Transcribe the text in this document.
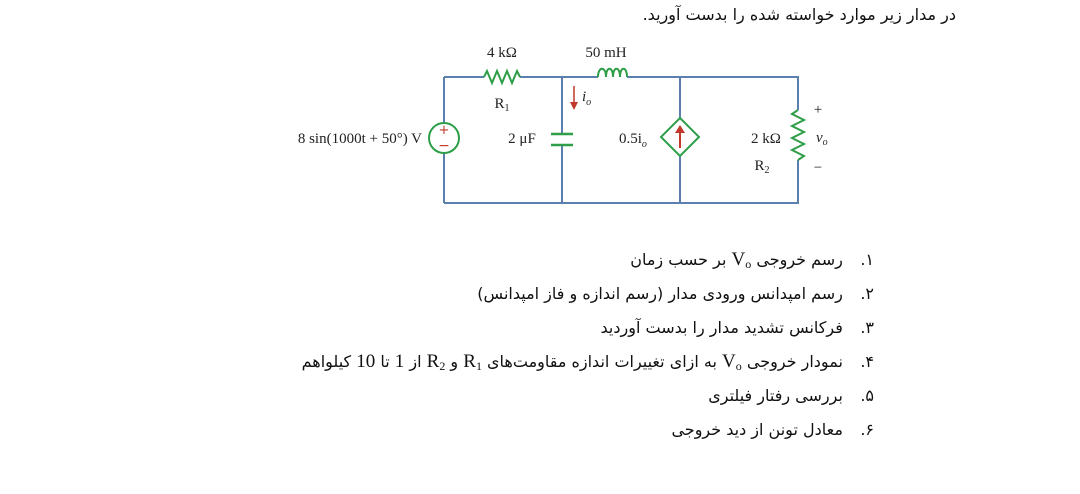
در مدار زیر موارد خواسته شده را بدست آورید.
+
−
4 kΩ	50 mH
$R_1$
$i_o$
2 μF	$0.5i_o$
8 sin(1000t + 50°) V	2 kΩ
$R_2$
+
$v_o$
−
۱. رسم خروجی $V_o$ بر حسب زمان
۲. رسم امپدانس ورودی مدار (رسم اندازه و فاز امپدانس)
۳. فرکانس تشدید مدار را بدست آوردید
۴. نمودار خروجی $V_o$ به ازای تغییرات اندازه مقاومت‌های $R_1$ و $R_2$ از 1 تا 10 کیلواهم
۵. بررسی رفتار فیلتری
۶. معادل تونن از دید خروجی
